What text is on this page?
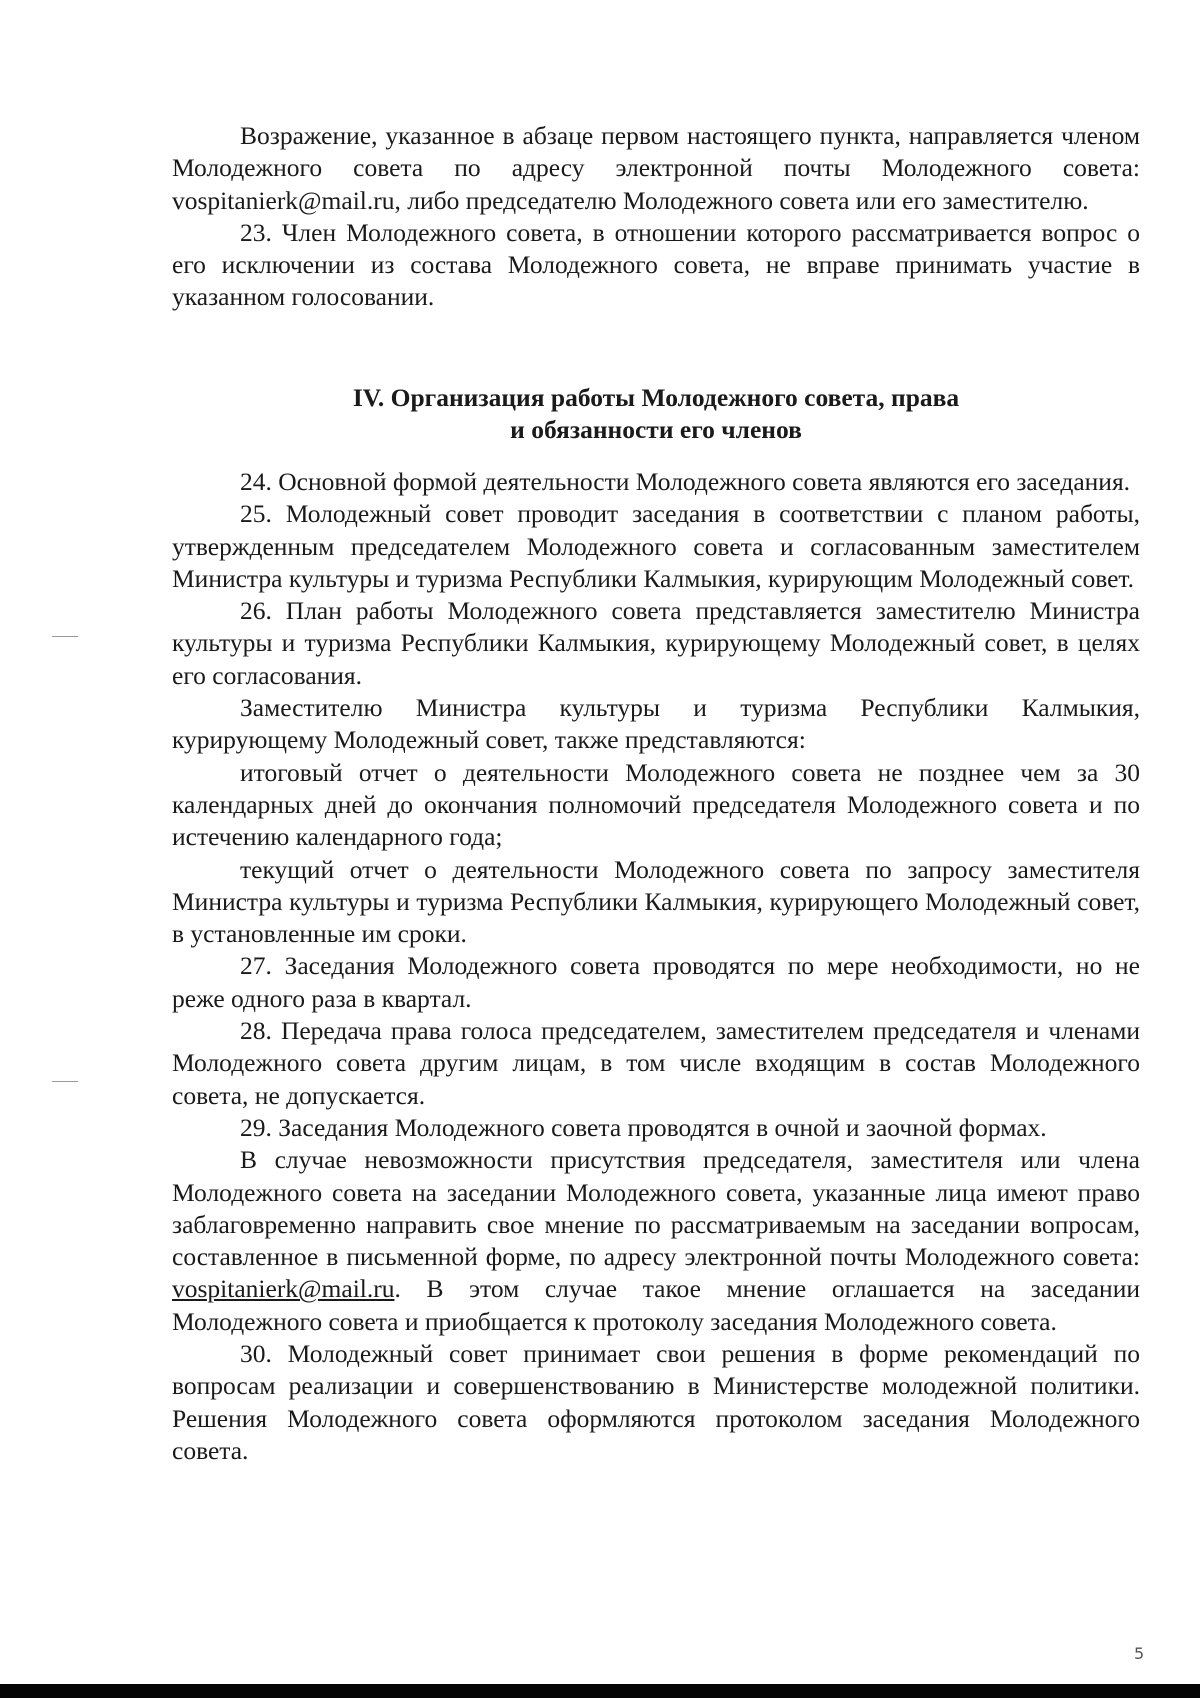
Возражение, указанное в абзаце первом настоящего пункта, направляется членом Молодежного совета по адресу электронной почты Молодежного совета: vospitanierk@mail.ru, либо председателю Молодежного совета или его заместителю.

23. Член Молодежного совета, в отношении которого рассматривается вопрос о его исключении из состава Молодежного совета, не вправе принимать участие в указанном голосовании.

IV. Организация работы Молодежного совета, права
и обязанности его членов

24. Основной формой деятельности Молодежного совета являются его заседания.

25. Молодежный совет проводит заседания в соответствии с планом работы, утвержденным председателем Молодежного совета и согласованным заместителем Министра культуры и туризма Республики Калмыкия, курирующим Молодежный совет.

26. План работы Молодежного совета представляется заместителю Министра культуры и туризма Республики Калмыкия, курирующему Молодежный совет, в целях его согласования.

Заместителю Министра культуры и туризма Республики Калмыкия, курирующему Молодежный совет, также представляются:

итоговый отчет о деятельности Молодежного совета не позднее чем за 30 календарных дней до окончания полномочий председателя Молодежного совета и по истечению календарного года;

текущий отчет о деятельности Молодежного совета по запросу заместителя Министра культуры и туризма Республики Калмыкия, курирующего Молодежный совет, в установленные им сроки.

27. Заседания Молодежного совета проводятся по мере необходимости, но не реже одного раза в квартал.

28. Передача права голоса председателем, заместителем председателя и членами Молодежного совета другим лицам, в том числе входящим в состав Молодежного совета, не допускается.

29. Заседания Молодежного совета проводятся в очной и заочной формах.

В случае невозможности присутствия председателя, заместителя или члена Молодежного совета на заседании Молодежного совета, указанные лица имеют право заблаговременно направить свое мнение по рассматриваемым на заседании вопросам, составленное в письменной форме, по адресу электронной почты Молодежного совета: vospitanierk@mail.ru. В этом случае такое мнение оглашается на заседании Молодежного совета и приобщается к протоколу заседания Молодежного совета.

30. Молодежный совет принимает свои решения в форме рекомендаций по вопросам реализации и совершенствованию в Министерстве молодежной политики. Решения Молодежного совета оформляются протоколом заседания Молодежного совета.

5
